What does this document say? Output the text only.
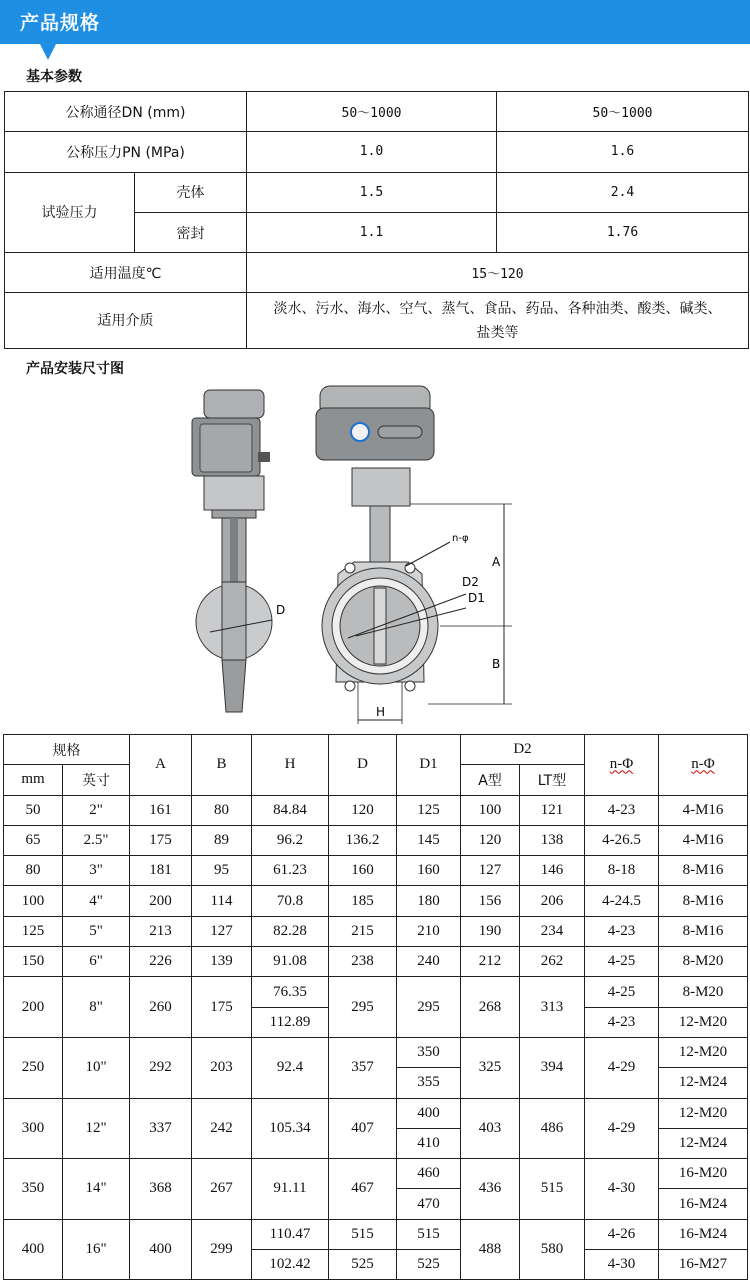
产品规格
基本参数
公称通径DN (mm)		50～1000	50～1000
公称压力PN (MPa)		1.0	1.6
试验压力	壳体	1.5	2.4
	密封	1.1	1.76
适用温度℃		15～120	
适用介质		淡水、污水、海水、空气、蒸气、食品、药品、各种油类、酸类、碱类、
盐类等	
产品安装尺寸图
D
n-φ
D2
D1
A
B
H
规格		A	B	H	D	D1	D2		n-Φ	n-Φ
mm	英寸						A型	LT型		
50	2"	161	80	84.84	120	125	100	121	4-23	4-M16
65	2.5"	175	89	96.2	136.2	145	120	138	4-26.5	4-M16
80	3"	181	95	61.23	160	160	127	146	8-18	8-M16
100	4"	200	114	70.8	185	180	156	206	4-24.5	8-M16
125	5"	213	127	82.28	215	210	190	234	4-23	8-M16
150	6"	226	139	91.08	238	240	212	262	4-25	8-M20
200	8"	260	175	76.35	295	295	268	313	4-25	8-M20
				112.89					4-23	12-M20
250	10"	292	203	92.4	357	350	325	394	4-29	12-M20
						355				12-M24
300	12"	337	242	105.34	407	400	403	486	4-29	12-M20
						410				12-M24
350	14"	368	267	91.11	467	460	436	515	4-30	16-M20
						470				16-M24
400	16"	400	299	110.47	515	515	488	580	4-26	16-M24
				102.42	525	525			4-30	16-M27
